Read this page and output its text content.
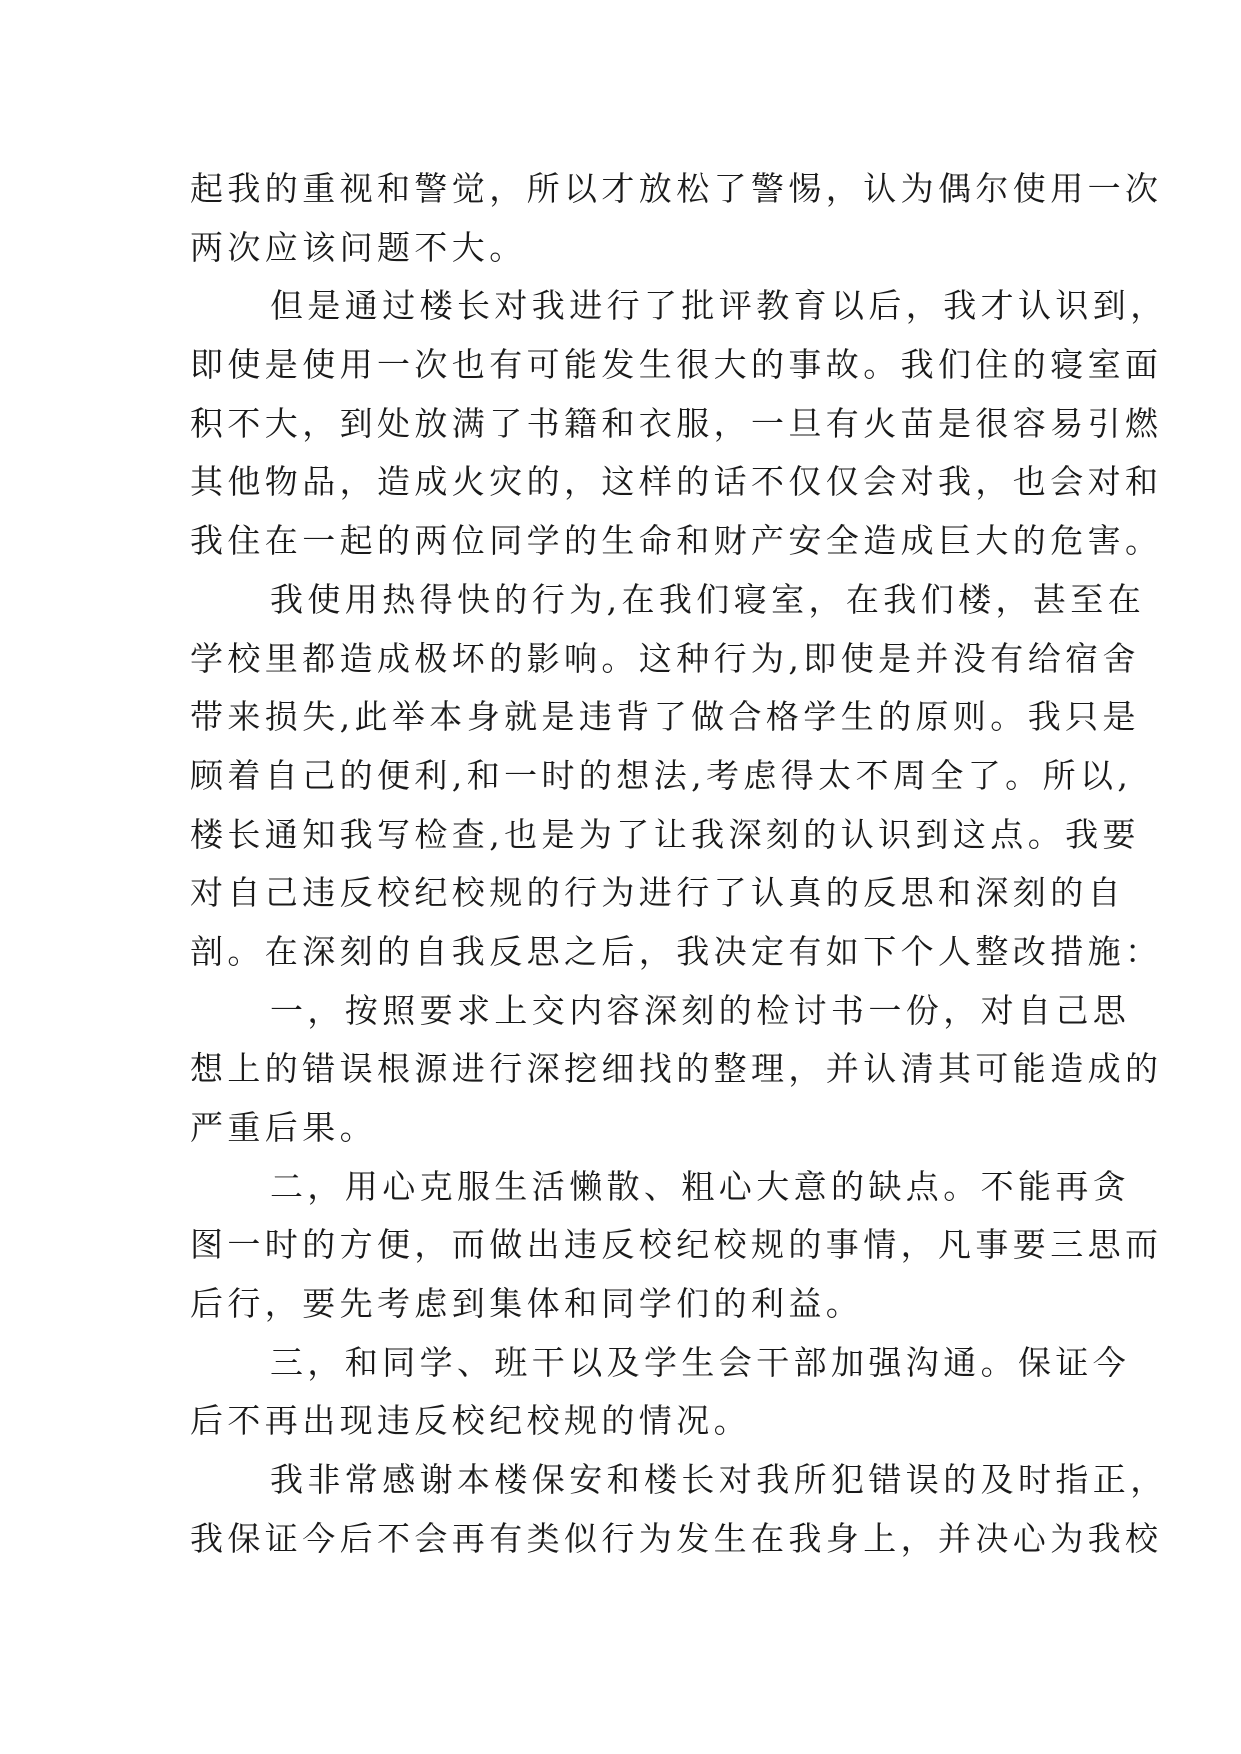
起我的重视和警觉，所以才放松了警惕，认为偶尔使用一次
两次应该问题不大。
但是通过楼长对我进行了批评教育以后，我才认识到，
即使是使用一次也有可能发生很大的事故。我们住的寝室面
积不大，到处放满了书籍和衣服，一旦有火苗是很容易引燃
其他物品，造成火灾的，这样的话不仅仅会对我，也会对和
我住在一起的两位同学的生命和财产安全造成巨大的危害。
我使用热得快的行为,在我们寝室，在我们楼，甚至在
学校里都造成极坏的影响。这种行为,即使是并没有给宿舍
带来损失,此举本身就是违背了做合格学生的原则。我只是
顾着自己的便利,和一时的想法,考虑得太不周全了。所以,
楼长通知我写检查,也是为了让我深刻的认识到这点。我要
对自己违反校纪校规的行为进行了认真的反思和深刻的自
剖。在深刻的自我反思之后，我决定有如下个人整改措施：
一，按照要求上交内容深刻的检讨书一份，对自己思
想上的错误根源进行深挖细找的整理，并认清其可能造成的
严重后果。
二，用心克服生活懒散、粗心大意的缺点。不能再贪
图一时的方便，而做出违反校纪校规的事情，凡事要三思而
后行，要先考虑到集体和同学们的利益。
三，和同学、班干以及学生会干部加强沟通。保证今
后不再出现违反校纪校规的情况。
我非常感谢本楼保安和楼长对我所犯错误的及时指正，
我保证今后不会再有类似行为发生在我身上，并决心为我校
